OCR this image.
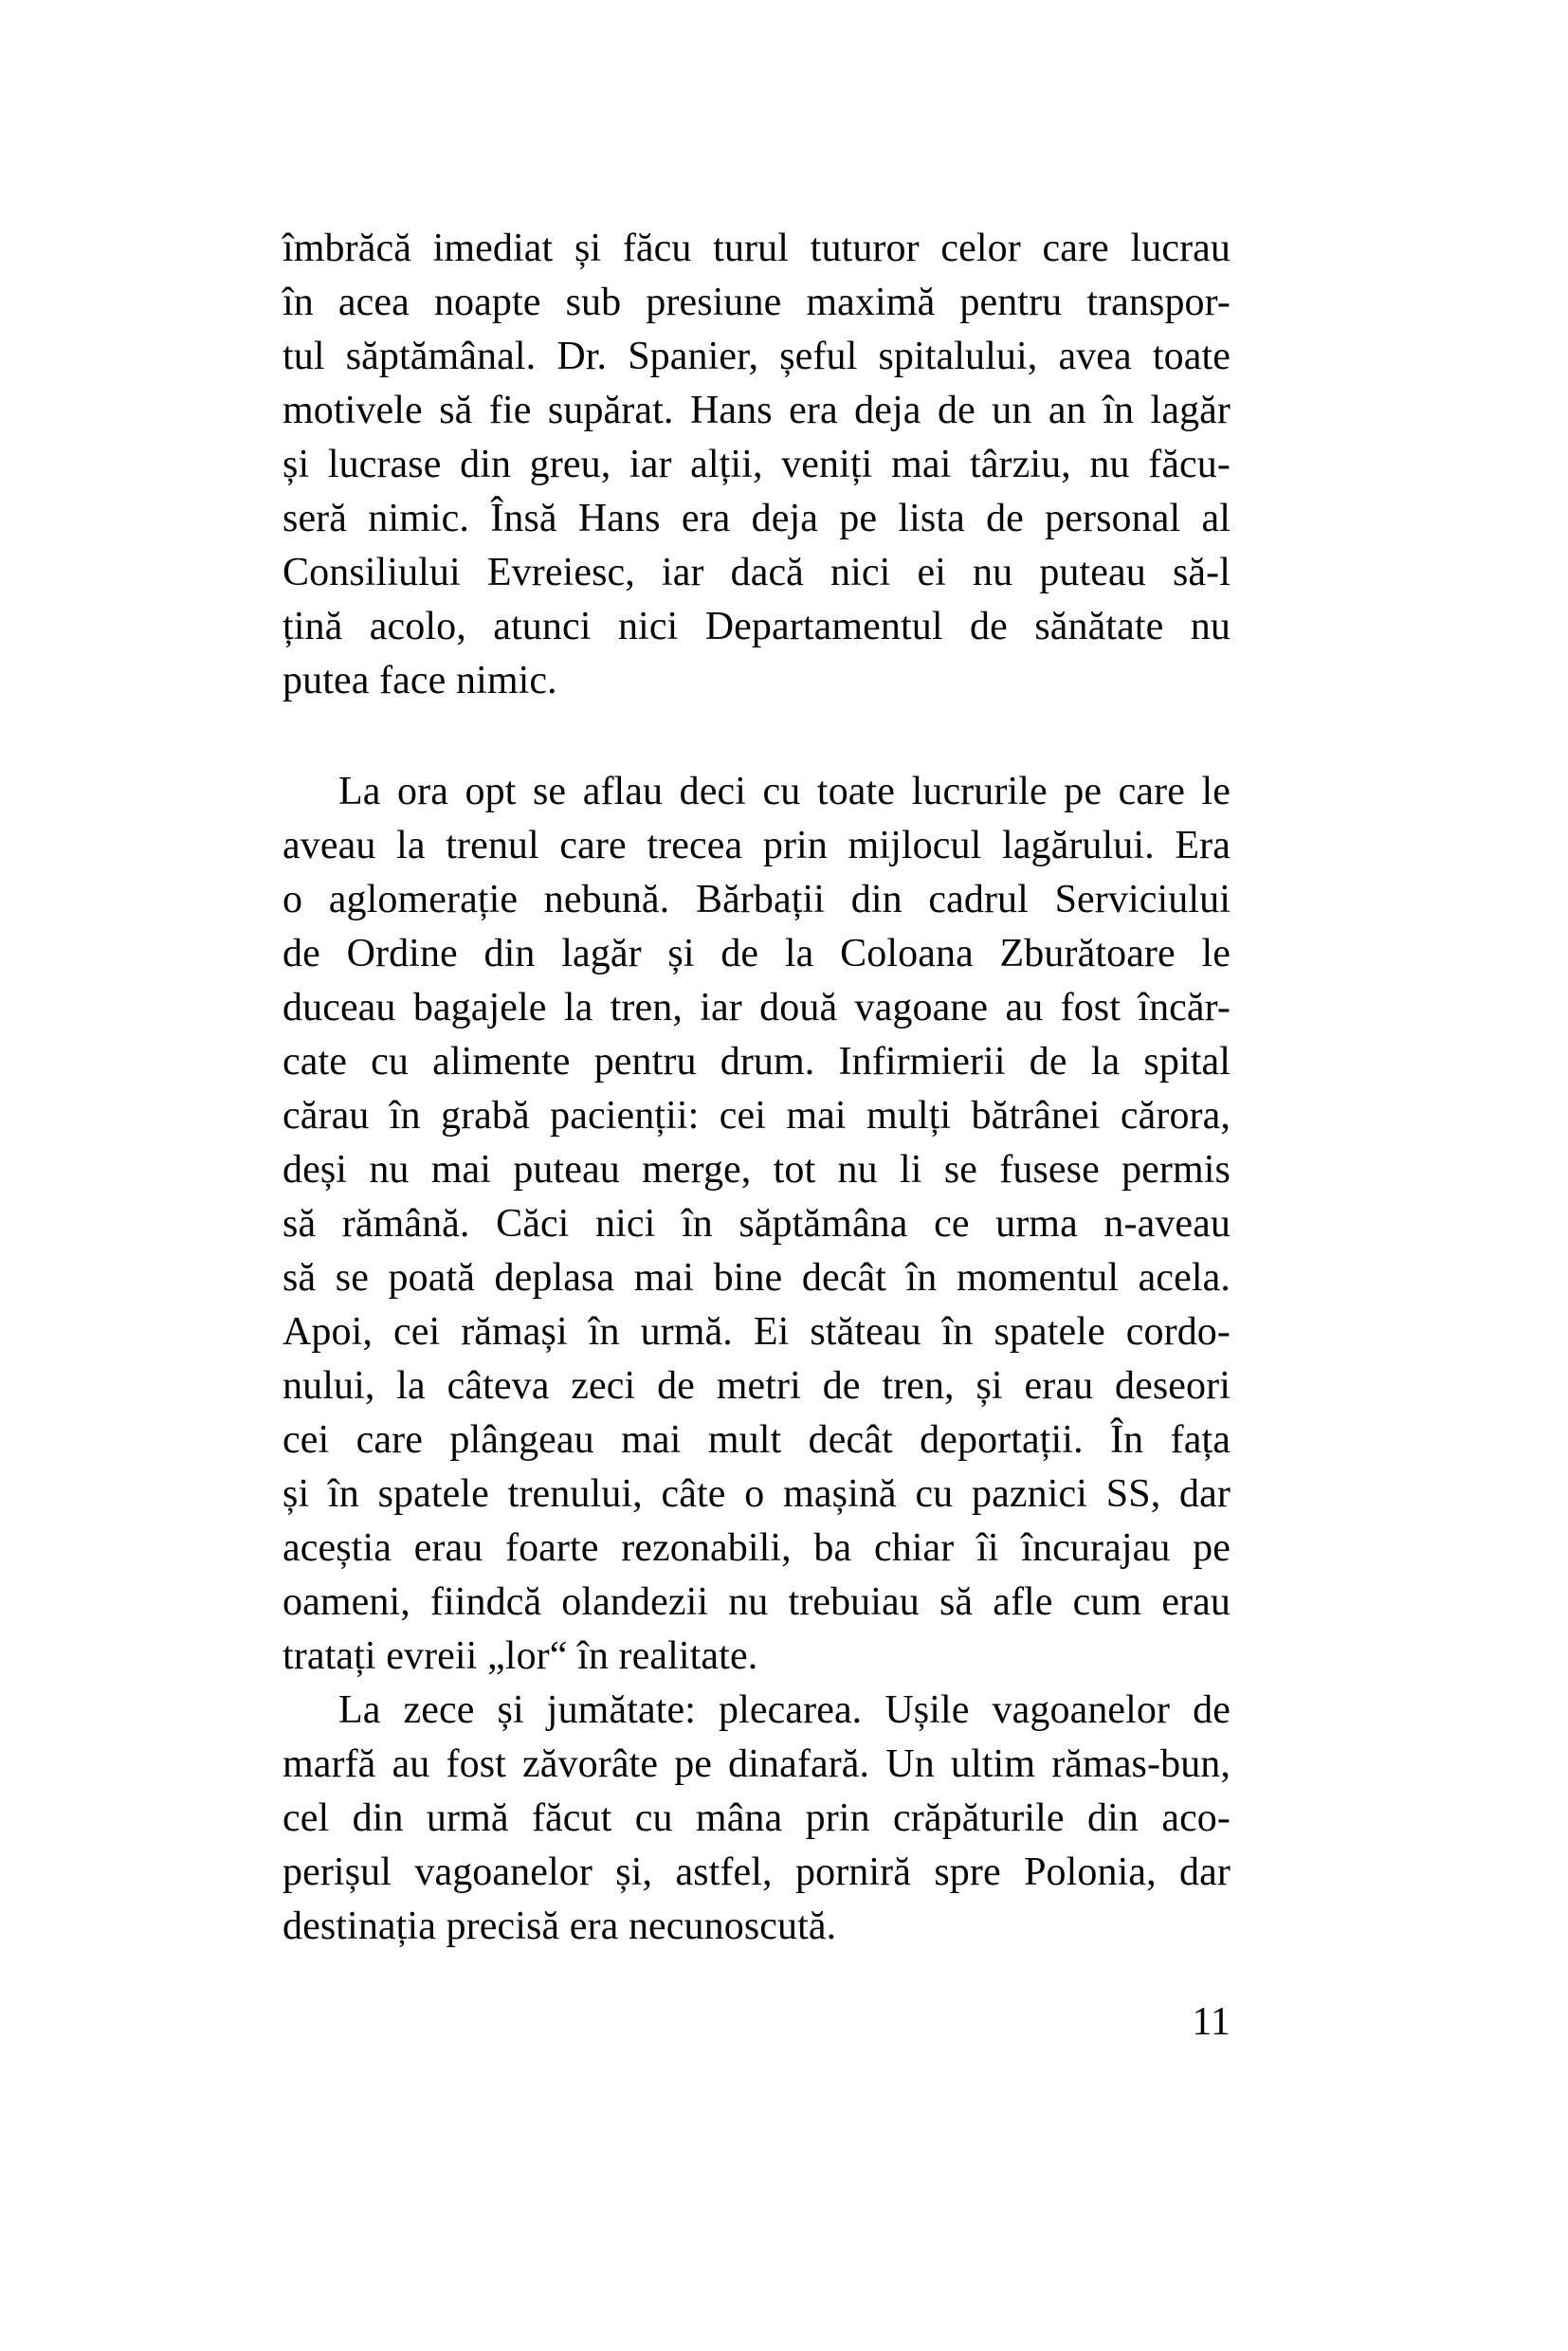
îmbrăcă imediat și făcu turul tuturor celor care lucrau
în acea noapte sub presiune maximă pentru transpor-
tul săptămânal. Dr. Spanier, șeful spitalului, avea toate
motivele să fie supărat. Hans era deja de un an în lagăr
și lucrase din greu, iar alții, veniți mai târziu, nu făcu-
seră nimic. Însă Hans era deja pe lista de personal al
Consiliului Evreiesc, iar dacă nici ei nu puteau să-l
țină acolo, atunci nici Departamentul de sănătate nu
putea face nimic.
La ora opt se aflau deci cu toate lucrurile pe care le
aveau la trenul care trecea prin mijlocul lagărului. Era
o aglomerație nebună. Bărbații din cadrul Serviciului
de Ordine din lagăr și de la Coloana Zburătoare le
duceau bagajele la tren, iar două vagoane au fost încăr-
cate cu alimente pentru drum. Infirmierii de la spital
cărau în grabă pacienții: cei mai mulți bătrânei cărora,
deși nu mai puteau merge, tot nu li se fusese permis
să rămână. Căci nici în săptămâna ce urma n-aveau
să se poată deplasa mai bine decât în momentul acela.
Apoi, cei rămași în urmă. Ei stăteau în spatele cordo-
nului, la câteva zeci de metri de tren, și erau deseori
cei care plângeau mai mult decât deportații. În fața
și în spatele trenului, câte o mașină cu paznici SS, dar
aceștia erau foarte rezonabili, ba chiar îi încurajau pe
oameni, fiindcă olandezii nu trebuiau să afle cum erau
tratați evreii „lor“ în realitate.
La zece și jumătate: plecarea. Ușile vagoanelor de
marfă au fost zăvorâte pe dinafară. Un ultim rămas-bun,
cel din urmă făcut cu mâna prin crăpăturile din aco-
perișul vagoanelor și, astfel, porniră spre Polonia, dar
destinația precisă era necunoscută.
11
